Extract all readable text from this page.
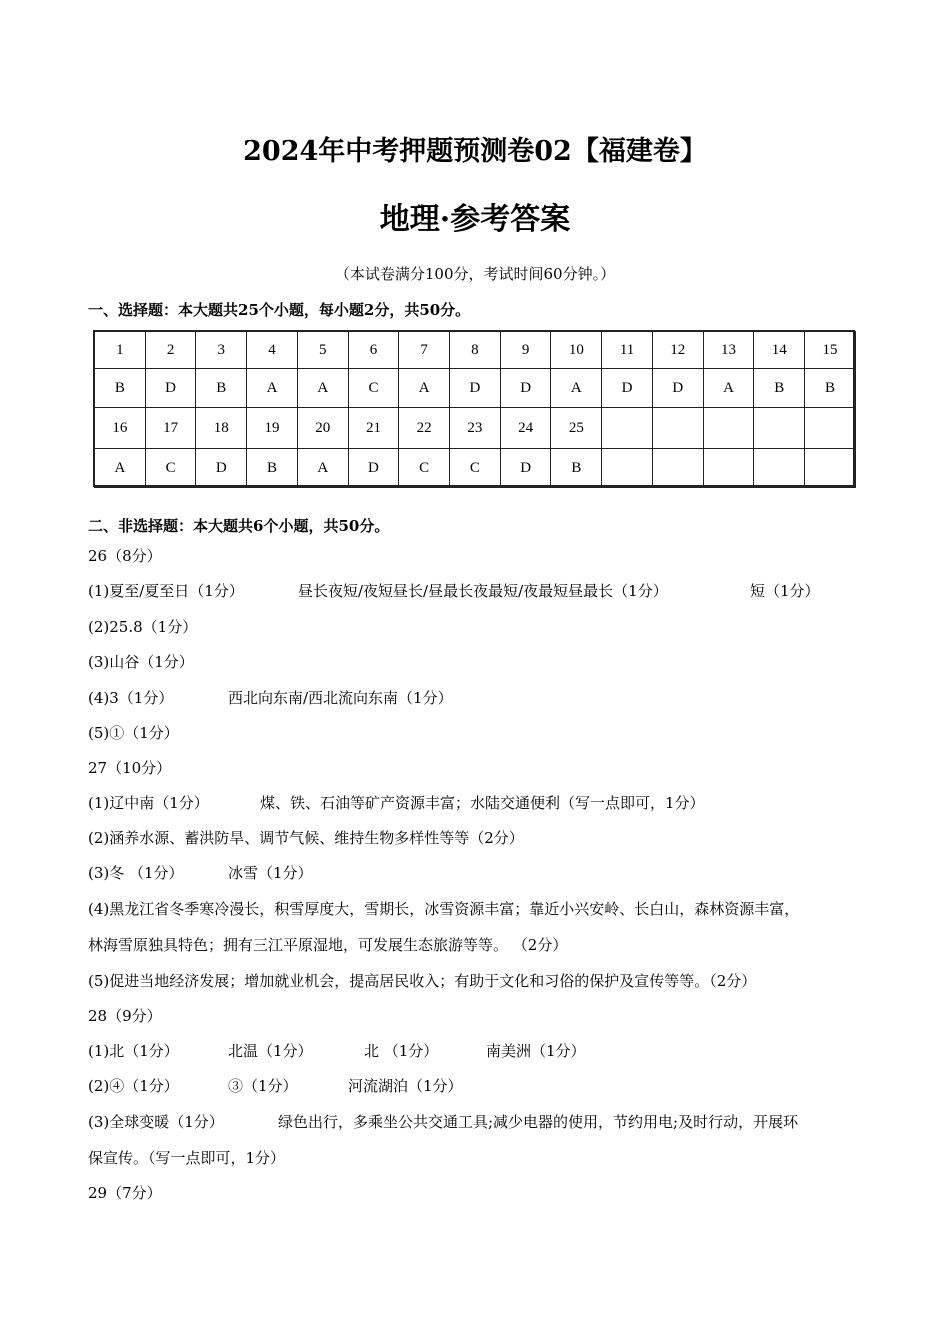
2024年中考押题预测卷02【福建卷】
地理·参考答案
（本试卷满分100分，考试时间60分钟。）
一、选择题：本大题共25个小题，每小题2分，共50分。
1	2	3	4	5	6	7	8	9	10	11	12	13	14	15
B	D	B	A	A	C	A	D	D	A	D	D	A	B	B
16	17	18	19	20	21	22	23	24	25					
A	C	D	B	A	D	C	C	D	B					
二、非选择题：本大题共6个小题，共50分。
26（8分）
(1)夏至/夏至日（1分）	昼长夜短/夜短昼长/昼最长夜最短/夜最短昼最长（1分）	短（1分）
(2)25.8（1分）
(3)山谷（1分）
(4)3（1分）	西北向东南/西北流向东南（1分）
(5)①（1分）
27（10分）
(1)辽中南（1分）	煤、铁、石油等矿产资源丰富；水陆交通便利（写一点即可，1分）
(2)涵养水源、蓄洪防旱、调节气候、维持生物多样性等等（2分）
(3)冬 （1分）	冰雪（1分）
(4)黑龙江省冬季寒冷漫长，积雪厚度大，雪期长，冰雪资源丰富；靠近小兴安岭、长白山，森林资源丰富，
林海雪原独具特色；拥有三江平原湿地，可发展生态旅游等等。 （2分）
(5)促进当地经济发展；增加就业机会，提高居民收入；有助于文化和习俗的保护及宣传等等。（2分）
28（9分）
(1)北（1分）	北温（1分）	北 （1分）	南美洲（1分）
(2)④（1分）	③（1分）	河流湖泊（1分）
(3)全球变暖（1分）	绿色出行，多乘坐公共交通工具;减少电器的使用，节约用电;及时行动，开展环
保宣传。（写一点即可，1分）
29（7分）
